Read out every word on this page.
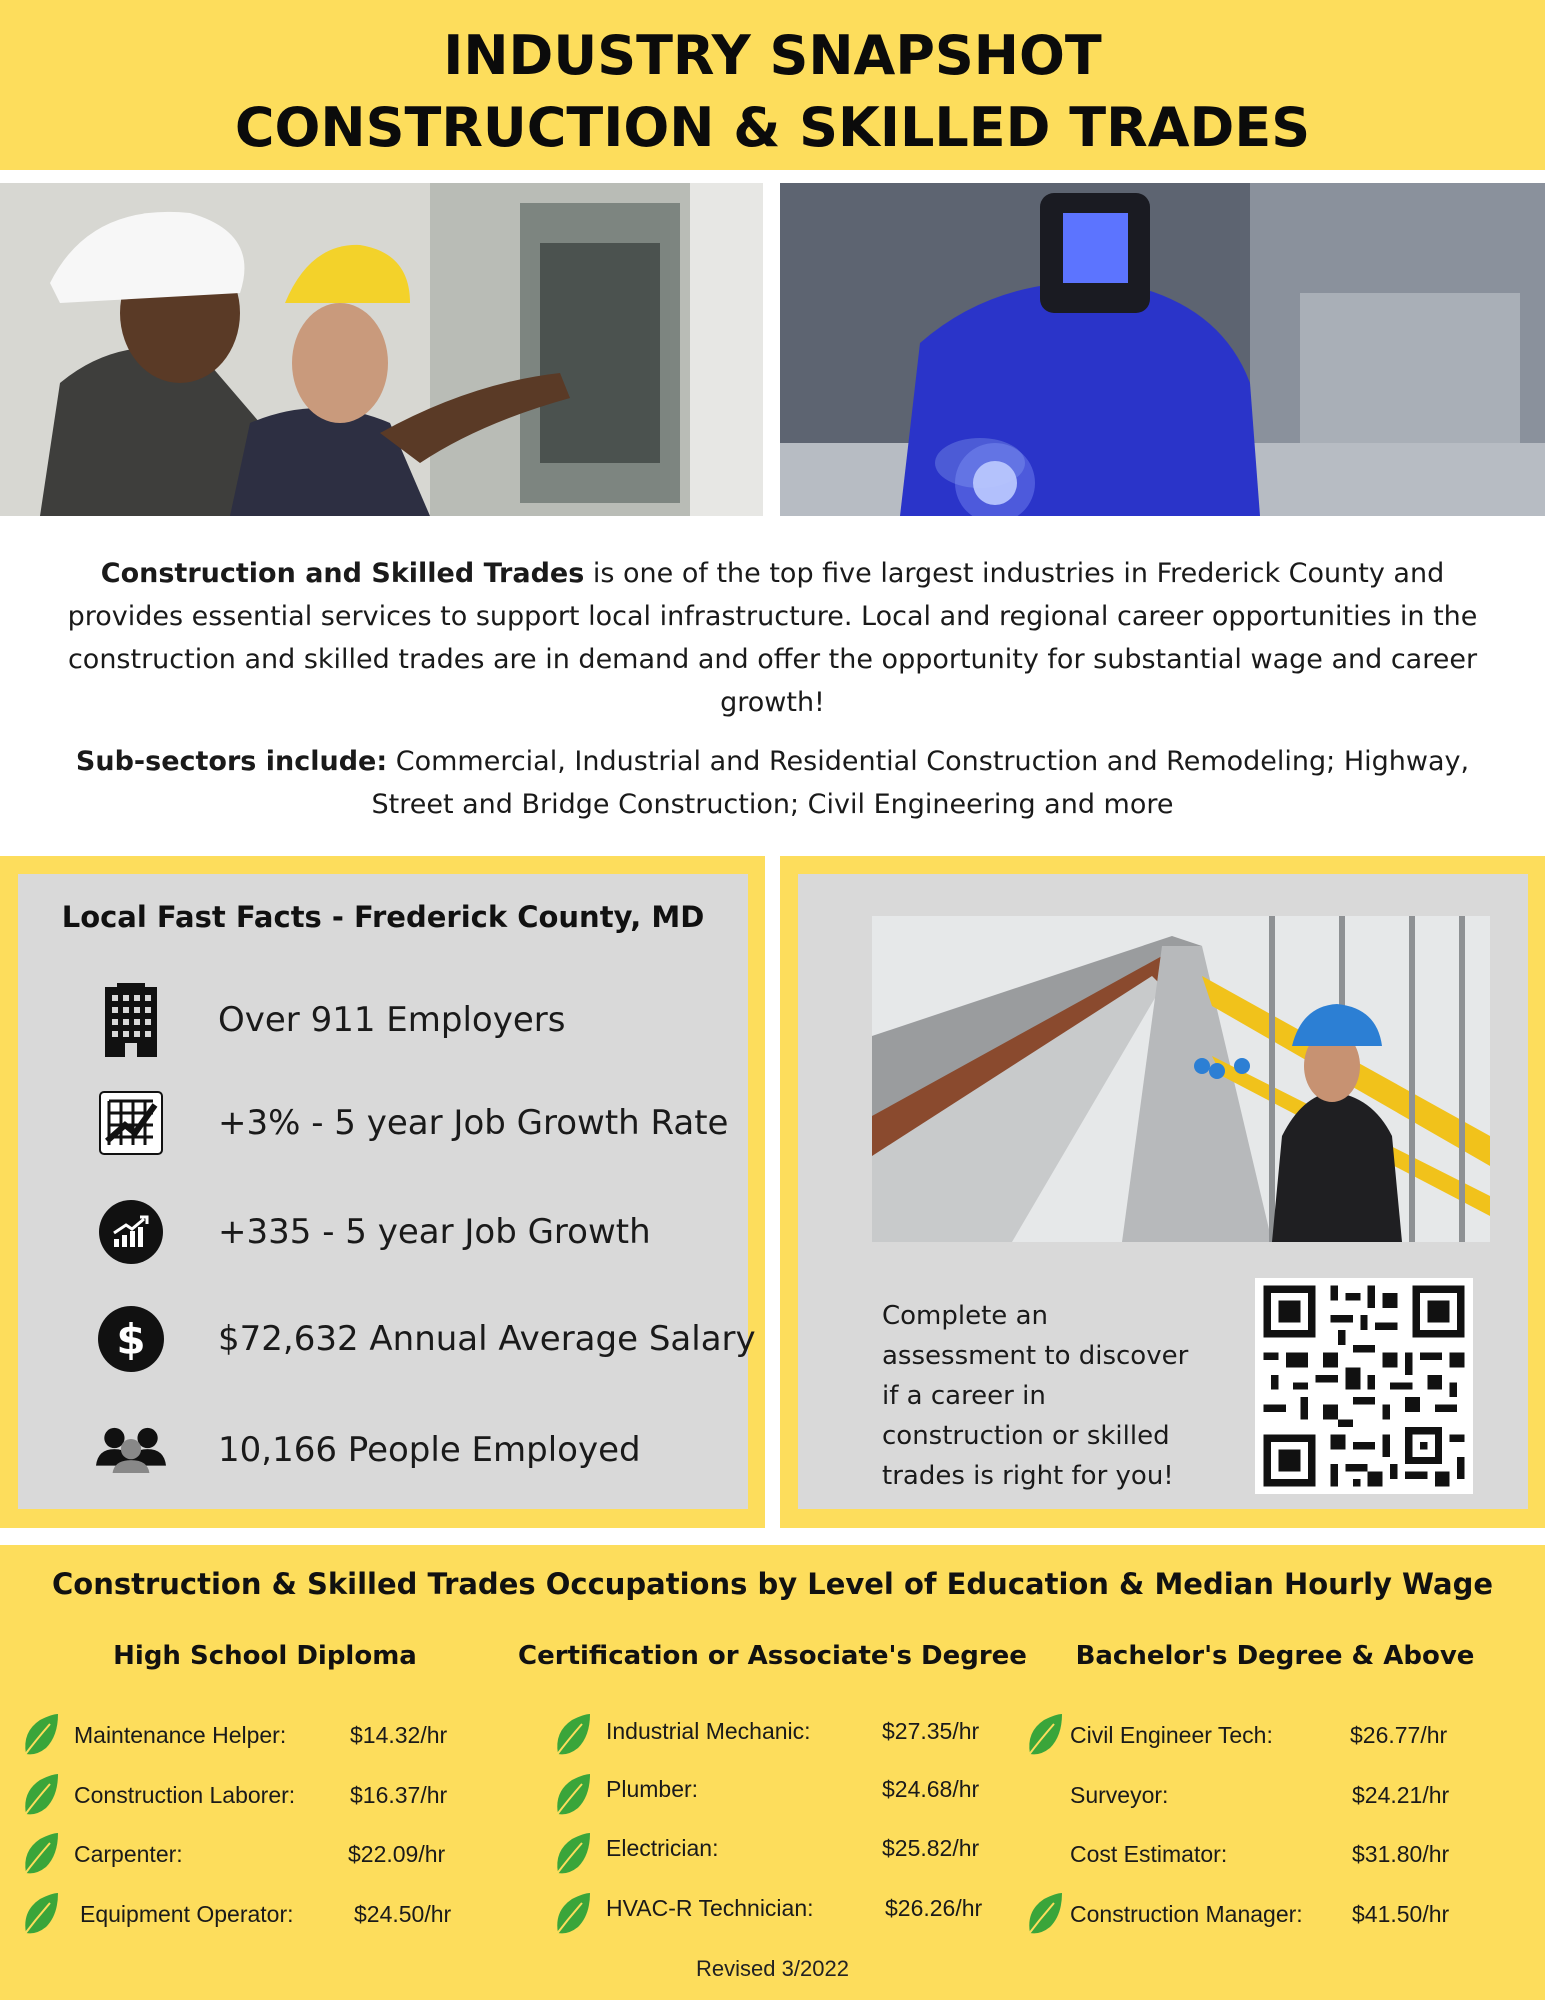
INDUSTRY SNAPSHOT
CONSTRUCTION & SKILLED TRADES

Construction and Skilled Trades is one of the top five largest industries in Frederick County and provides essential services to support local infrastructure. Local and regional career opportunities in the construction and skilled trades are in demand and offer the opportunity for substantial wage and career growth!

Sub-sectors include: Commercial, Industrial and Residential Construction and Remodeling; Highway, Street and Bridge Construction; Civil Engineering and more

Local Fast Facts - Frederick County, MD
Over 911 Employers
+3% - 5 year Job Growth Rate
+335 - 5 year Job Growth
$ $72,632 Annual Average Salary
10,166 People Employed
Complete an assessment to discover if a career in construction or skilled trades is right for you!
Construction & Skilled Trades Occupations by Level of Education & Median Hourly Wage
High School Diploma	Certification or Associate's Degree	Bachelor's Degree & Above
Maintenance Helper:	$14.32/hr
Construction Laborer: $16.37/hr
Carpenter:	$22.09/hr
Equipment Operator:	$24.50/hr
Industrial Mechanic:	$27.35/hr
Plumber:	$24.68/hr
Electrician:	$25.82/hr
HVAC-R Technician:	$26.26/hr
Civil Engineer Tech:	$26.77/hr
Surveyor:	$24.21/hr
Cost Estimator:	$31.80/hr
Construction Manager: $41.50/hr
Revised 3/2022
